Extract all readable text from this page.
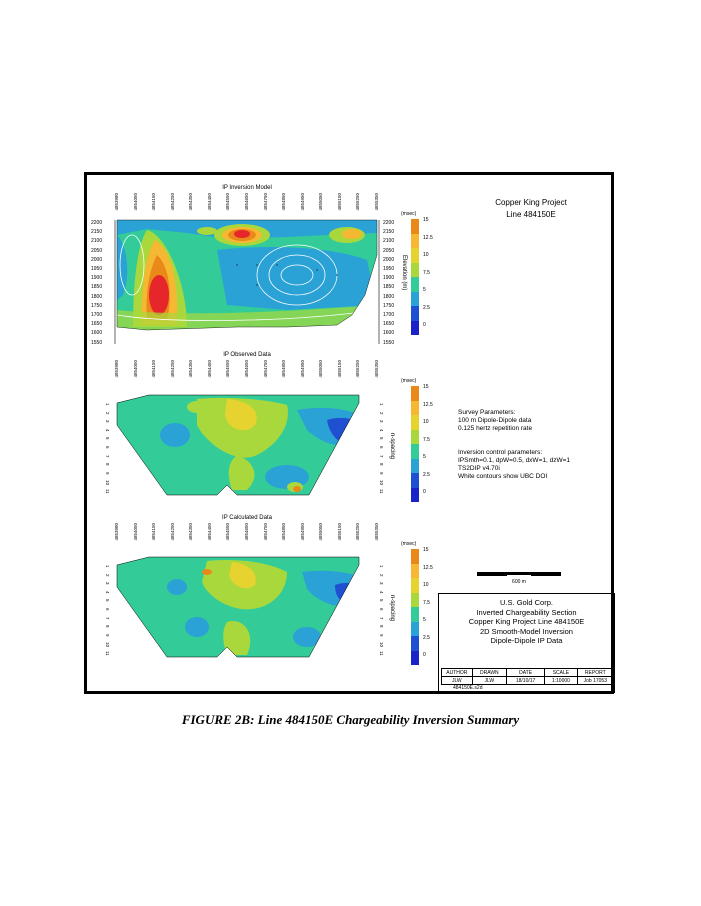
IP Inversion Model
4853980	4854050	4854150	4854250	4854350	4854450	4854550	4854650	4854750	4854850	4854950	4855050	4855150	4855250	4855350
2200
2150
2100
2050
2000
1950
1900
1850
1800
1750
1700
1650
1600
1550
2200
2150
2100
2050
2000
1950
1900
1850
1800
1750
1700
1650
1600
1550
Elevation (m)
IP Observed Data
4853980	4854050	4854150	4854250	4854350	4854450	4854550	4854650	4854750	4854850	4854950	4855050	4855150	4855250	4855350
1
2
3
4
5
6
7
8
9
10
11
1
2
3
4
5
6
7
8
9
10
11
n-spacing
IP Calculated Data
4853980	4854050	4854150	4854250	4854350	4854450	4854550	4854650	4854750	4854850	4854950	4855050	4855150	4855250	4855350
1
2
3
4
5
6
7
8
9
10
11
1
2
3
4
5
6
7
8
9
10
11
n-spacing
(msec)
15
12.5
10
7.5
5
2.5
0
(msec)
15
12.5
10
7.5
5
2.5
0
(msec)
15
12.5
10
7.5
5
2.5
0
Copper King Project
Line 484150E
Survey Parameters:
100 m Dipole-Dipole data
0.125 hertz repetition rate
Inversion control parameters:
IPSmth=0.1, dpW=0.5, dxW=1, dzW=1
TS2DIP v4.70i
White contours show UBC DOI
600 m
U.S. Gold Corp.
Inverted Chargeability Section
Copper King Project Line 484150E
2D Smooth-Model Inversion
Dipole-Dipole IP Data
AUTHOR	DRAWN	DATE	SCALE	REPORT
JLW	JLW	18/10/17	1:10000	Job 17053
484150E.s2d
FIGURE 2B: Line 484150E Chargeability Inversion Summary
